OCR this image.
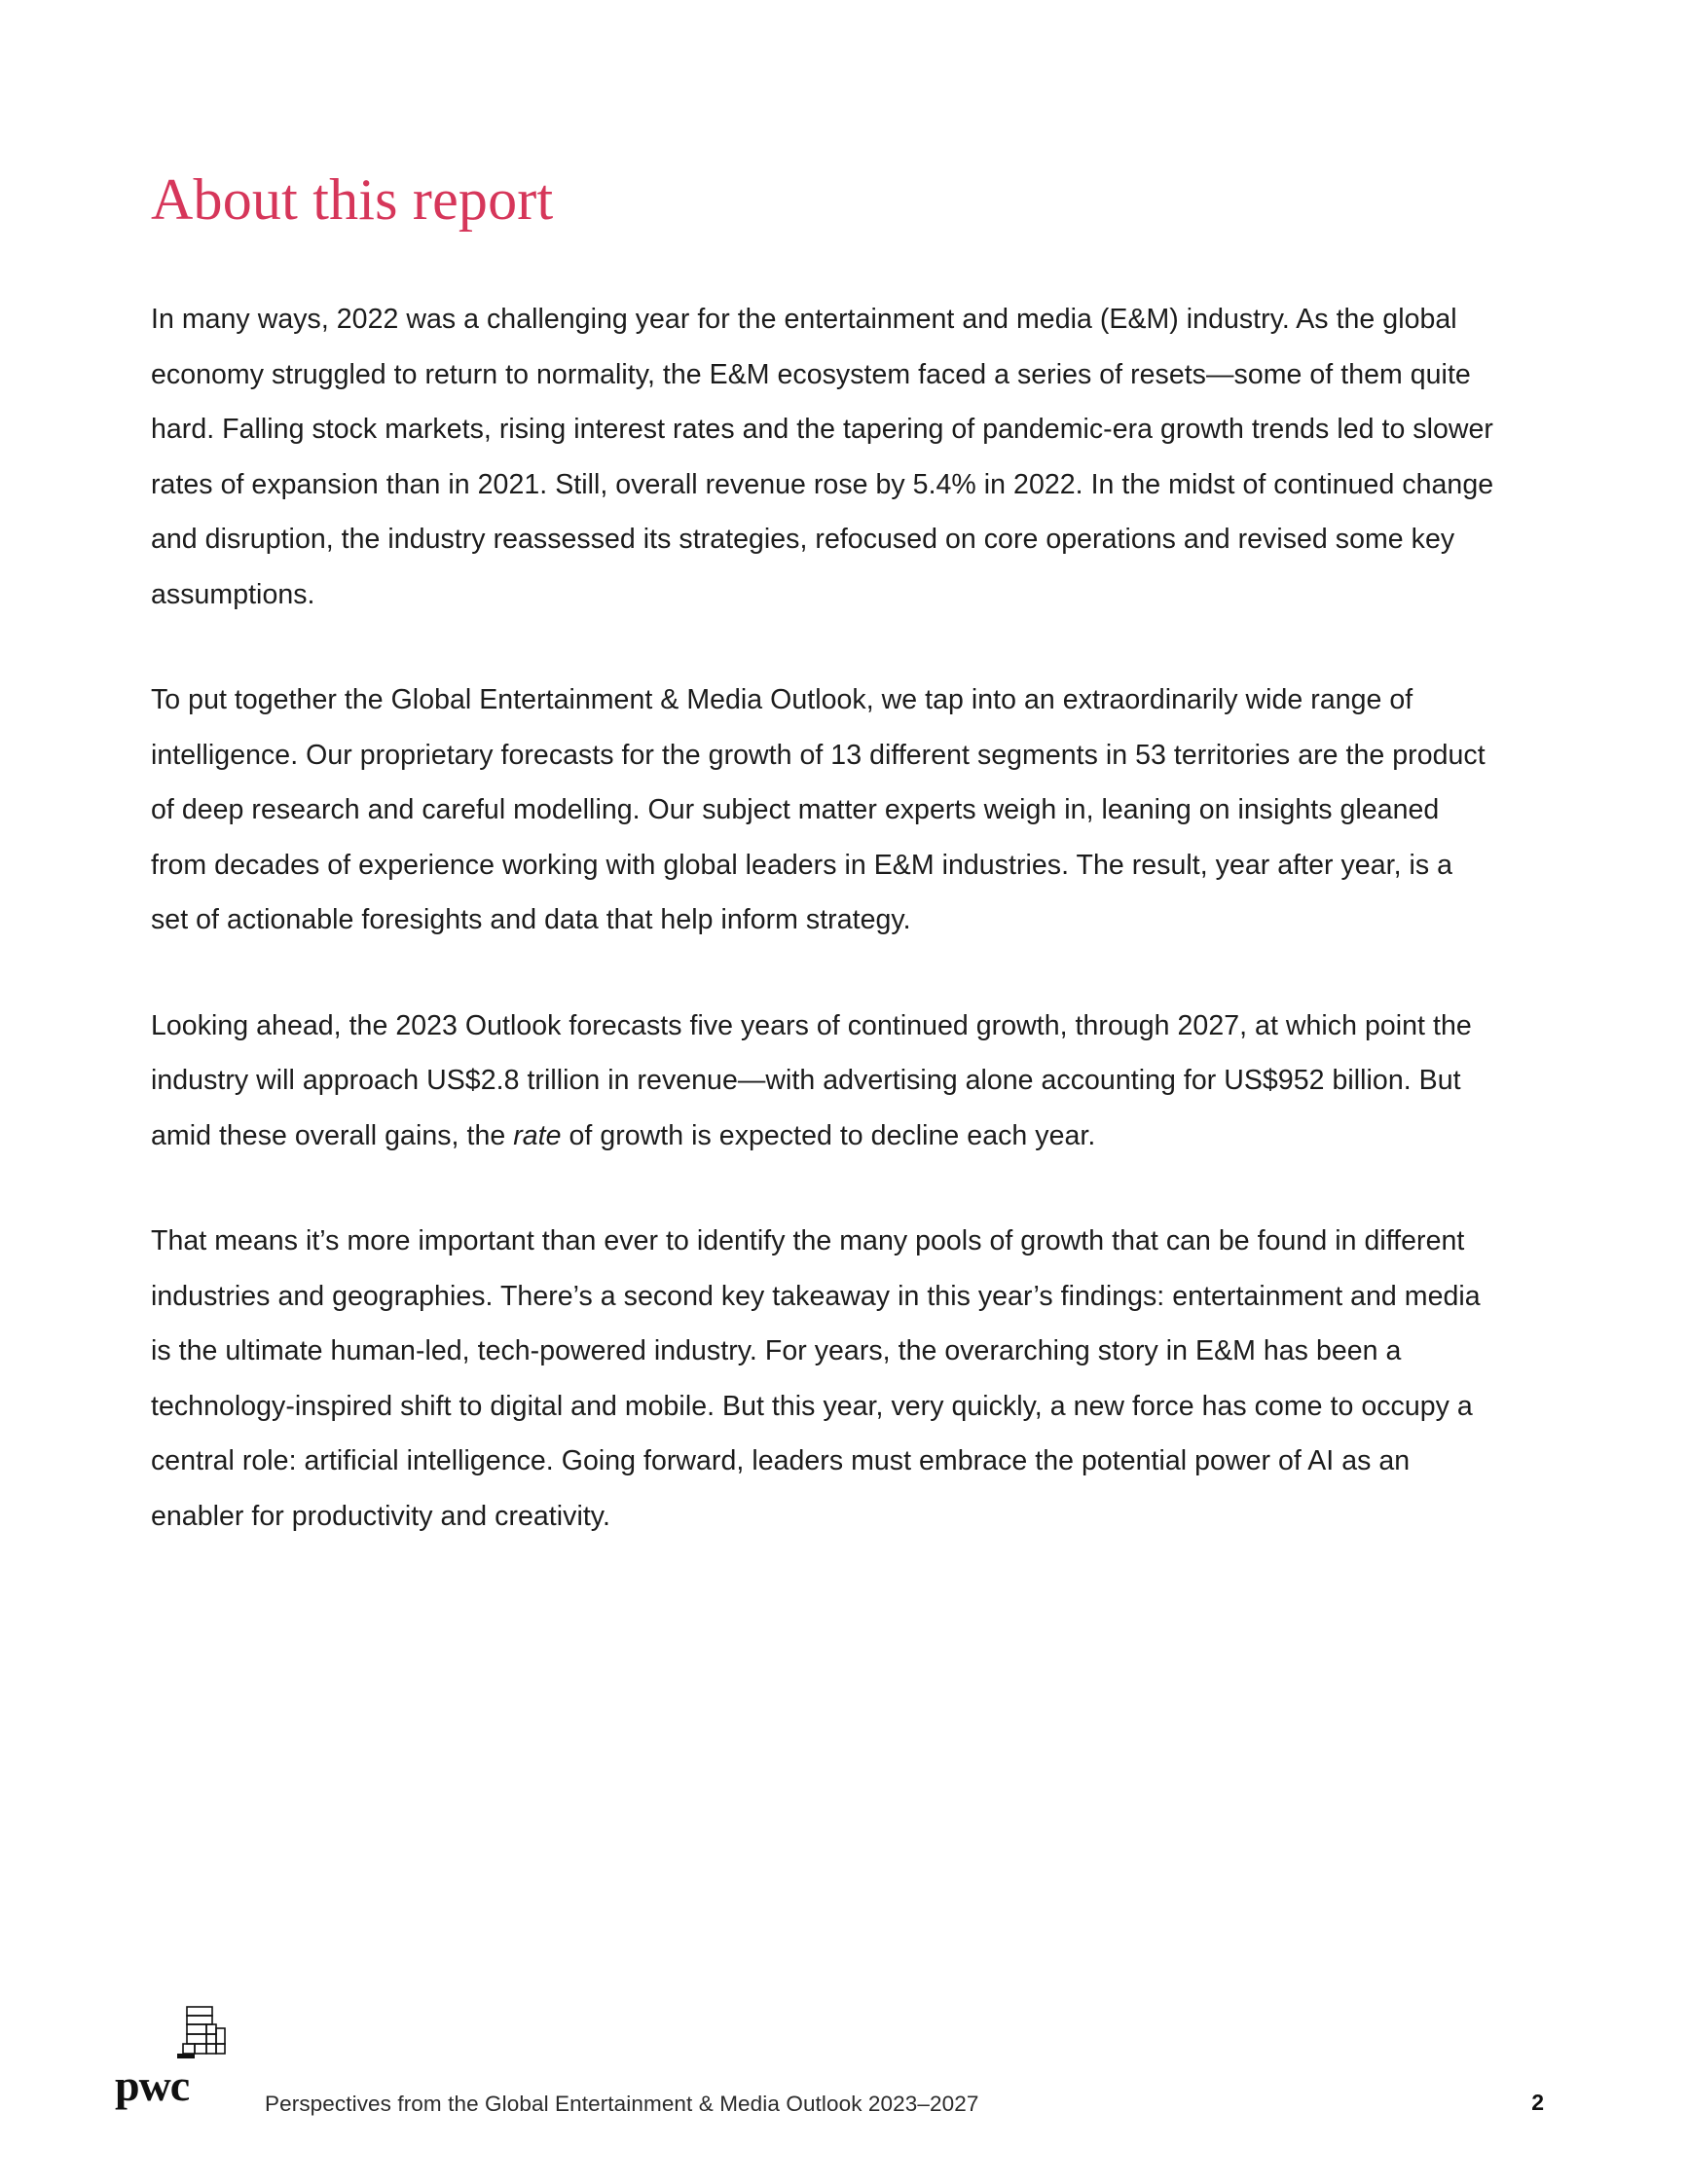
About this report

In many ways, 2022 was a challenging year for the entertainment and media (E&M) industry. As the global economy struggled to return to normality, the E&M ecosystem faced a series of resets—some of them quite hard. Falling stock markets, rising interest rates and the tapering of pandemic-era growth trends led to slower rates of expansion than in 2021. Still, overall revenue rose by 5.4% in 2022. In the midst of continued change and disruption, the industry reassessed its strategies, refocused on core operations and revised some key assumptions.

To put together the Global Entertainment & Media Outlook, we tap into an extraordinarily wide range of intelligence. Our proprietary forecasts for the growth of 13 different segments in 53 territories are the product of deep research and careful modelling. Our subject matter experts weigh in, leaning on insights gleaned from decades of experience working with global leaders in E&M industries. The result, year after year, is a set of actionable foresights and data that help inform strategy.

Looking ahead, the 2023 Outlook forecasts five years of continued growth, through 2027, at which point the industry will approach US$2.8 trillion in revenue—with advertising alone accounting for US$952 billion. But amid these overall gains, the rate of growth is expected to decline each year.

That means it’s more important than ever to identify the many pools of growth that can be found in different industries and geographies. There’s a second key takeaway in this year’s findings: entertainment and media is the ultimate human-led, tech-powered industry. For years, the overarching story in E&M has been a technology-inspired shift to digital and mobile. But this year, very quickly, a new force has come to occupy a central role: artificial intelligence. Going forward, leaders must embrace the potential power of AI as an enabler for productivity and creativity.

pwc	Perspectives from the Global Entertainment & Media Outlook 2023–2027	2
